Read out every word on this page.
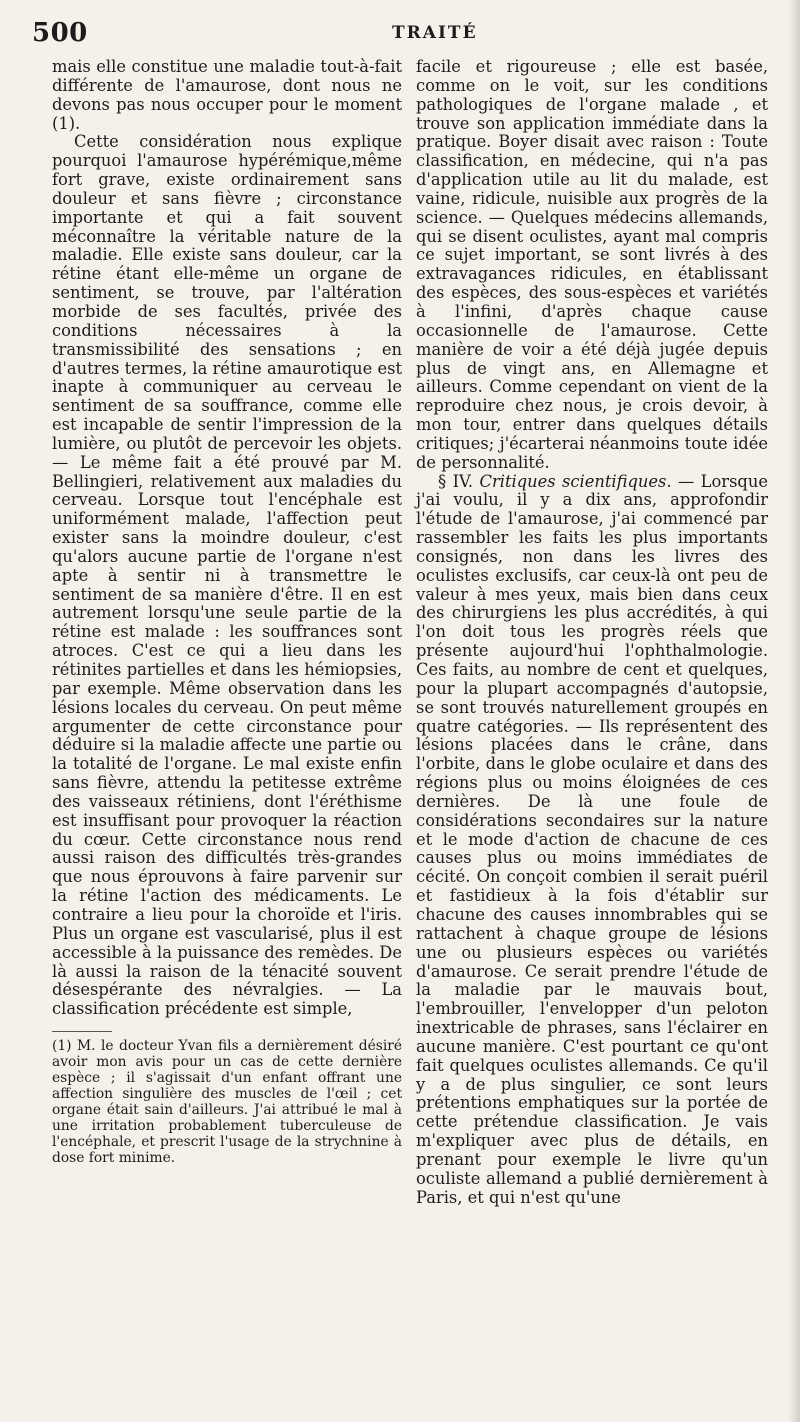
500	TRAITÉ

mais elle constitue une maladie tout-à-fait différente de l'amaurose, dont nous ne devons pas nous occuper pour le moment (1).

Cette considération nous explique pourquoi l'amaurose hypérémique,même fort grave, existe ordinairement sans douleur et sans fièvre ; circonstance importante et qui a fait souvent méconnaître la véritable nature de la maladie. Elle existe sans douleur, car la rétine étant elle-même un organe de sentiment, se trouve, par l'altération morbide de ses facultés, privée des conditions nécessaires à la transmissibilité des sensations ; en d'autres termes, la rétine amaurotique est inapte à communiquer au cerveau le sentiment de sa souffrance, comme elle est incapable de sentir l'impression de la lumière, ou plutôt de percevoir les objets. — Le même fait a été prouvé par M. Bellingieri, relativement aux maladies du cerveau. Lorsque tout l'encéphale est uniformément malade, l'affection peut exister sans la moindre douleur, c'est qu'alors aucune partie de l'organe n'est apte à sentir ni à transmettre le sentiment de sa manière d'être. Il en est autrement lorsqu'une seule partie de la rétine est malade : les souffrances sont atroces. C'est ce qui a lieu dans les rétinites partielles et dans les hémiopsies, par exemple. Même observation dans les lésions locales du cerveau. On peut même argumenter de cette circonstance pour déduire si la maladie affecte une partie ou la totalité de l'organe. Le mal existe enfin sans fièvre, attendu la petitesse extrême des vaisseaux rétiniens, dont l'éréthisme est insuffisant pour provoquer la réaction du cœur. Cette circonstance nous rend aussi raison des difficultés très-grandes que nous éprouvons à faire parvenir sur la rétine l'action des médicaments. Le contraire a lieu pour la choroïde et l'iris. Plus un organe est vascularisé, plus il est accessible à la puissance des remèdes. De là aussi la raison de la ténacité souvent désespérante des névralgies. — La classification précédente est simple,

(1) M. le docteur Yvan fils a dernièrement désiré avoir mon avis pour un cas de cette dernière espèce ; il s'agissait d'un enfant offrant une affection singulière des muscles de l'œil ; cet organe était sain d'ailleurs. J'ai attribué le mal à une irritation probablement tuberculeuse de l'encéphale, et prescrit l'usage de la strychnine à dose fort minime.

facile et rigoureuse ; elle est basée, comme on le voit, sur les conditions pathologiques de l'organe malade , et trouve son application immédiate dans la pratique. Boyer disait avec raison : Toute classification, en médecine, qui n'a pas d'application utile au lit du malade, est vaine, ridicule, nuisible aux progrès de la science. — Quelques médecins allemands, qui se disent oculistes, ayant mal compris ce sujet important, se sont livrés à des extravagances ridicules, en établissant des espèces, des sous-espèces et variétés à l'infini, d'après chaque cause occasionnelle de l'amaurose. Cette manière de voir a été déjà jugée depuis plus de vingt ans, en Allemagne et ailleurs. Comme cependant on vient de la reproduire chez nous, je crois devoir, à mon tour, entrer dans quelques détails critiques; j'écarterai néanmoins toute idée de personnalité.

§ IV. Critiques scientifiques. — Lorsque j'ai voulu, il y a dix ans, approfondir l'étude de l'amaurose, j'ai commencé par rassembler les faits les plus importants consignés, non dans les livres des oculistes exclusifs, car ceux-là ont peu de valeur à mes yeux, mais bien dans ceux des chirurgiens les plus accrédités, à qui l'on doit tous les progrès réels que présente aujourd'hui l'ophthalmologie. Ces faits, au nombre de cent et quelques, pour la plupart accompagnés d'autopsie, se sont trouvés naturellement groupés en quatre catégories. — Ils représentent des lésions placées dans le crâne, dans l'orbite, dans le globe oculaire et dans des régions plus ou moins éloignées de ces dernières. De là une foule de considérations secondaires sur la nature et le mode d'action de chacune de ces causes plus ou moins immédiates de cécité. On conçoit combien il serait puéril et fastidieux à la fois d'établir sur chacune des causes innombrables qui se rattachent à chaque groupe de lésions une ou plusieurs espèces ou variétés d'amaurose. Ce serait prendre l'étude de la maladie par le mauvais bout, l'embrouiller, l'envelopper d'un peloton inextricable de phrases, sans l'éclairer en aucune manière. C'est pourtant ce qu'ont fait quelques oculistes allemands. Ce qu'il y a de plus singulier, ce sont leurs prétentions emphatiques sur la portée de cette prétendue classification. Je vais m'expliquer avec plus de détails, en prenant pour exemple le livre qu'un oculiste allemand a publié dernièrement à Paris, et qui n'est qu'une
